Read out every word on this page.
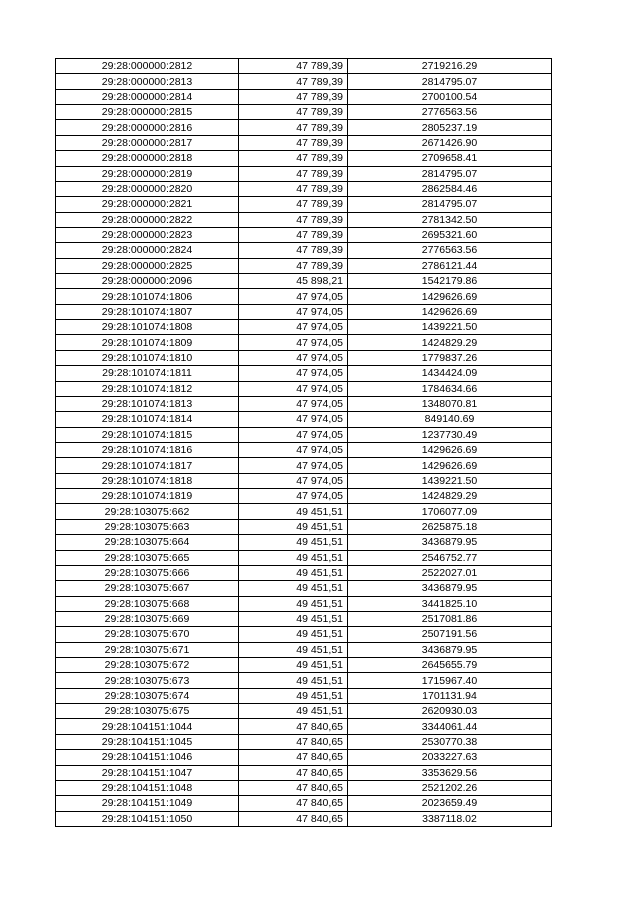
29:28:000000:2812	47 789,39	2719216.29
29:28:000000:2813	47 789,39	2814795.07
29:28:000000:2814	47 789,39	2700100.54
29:28:000000:2815	47 789,39	2776563.56
29:28:000000:2816	47 789,39	2805237.19
29:28:000000:2817	47 789,39	2671426.90
29:28:000000:2818	47 789,39	2709658.41
29:28:000000:2819	47 789,39	2814795.07
29:28:000000:2820	47 789,39	2862584.46
29:28:000000:2821	47 789,39	2814795.07
29:28:000000:2822	47 789,39	2781342.50
29:28:000000:2823	47 789,39	2695321.60
29:28:000000:2824	47 789,39	2776563.56
29:28:000000:2825	47 789,39	2786121.44
29:28:000000:2096	45 898,21	1542179.86
29:28:101074:1806	47 974,05	1429626.69
29:28:101074:1807	47 974,05	1429626.69
29:28:101074:1808	47 974,05	1439221.50
29:28:101074:1809	47 974,05	1424829.29
29:28:101074:1810	47 974,05	1779837.26
29:28:101074:1811	47 974,05	1434424.09
29:28:101074:1812	47 974,05	1784634.66
29:28:101074:1813	47 974,05	1348070.81
29:28:101074:1814	47 974,05	849140.69
29:28:101074:1815	47 974,05	1237730.49
29:28:101074:1816	47 974,05	1429626.69
29:28:101074:1817	47 974,05	1429626.69
29:28:101074:1818	47 974,05	1439221.50
29:28:101074:1819	47 974,05	1424829.29
29:28:103075:662	49 451,51	1706077.09
29:28:103075:663	49 451,51	2625875.18
29:28:103075:664	49 451,51	3436879.95
29:28:103075:665	49 451,51	2546752.77
29:28:103075:666	49 451,51	2522027.01
29:28:103075:667	49 451,51	3436879.95
29:28:103075:668	49 451,51	3441825.10
29:28:103075:669	49 451,51	2517081.86
29:28:103075:670	49 451,51	2507191.56
29:28:103075:671	49 451,51	3436879.95
29:28:103075:672	49 451,51	2645655.79
29:28:103075:673	49 451,51	1715967.40
29:28:103075:674	49 451,51	1701131.94
29:28:103075:675	49 451,51	2620930.03
29:28:104151:1044	47 840,65	3344061.44
29:28:104151:1045	47 840,65	2530770.38
29:28:104151:1046	47 840,65	2033227.63
29:28:104151:1047	47 840,65	3353629.56
29:28:104151:1048	47 840,65	2521202.26
29:28:104151:1049	47 840,65	2023659.49
29:28:104151:1050	47 840,65	3387118.02
